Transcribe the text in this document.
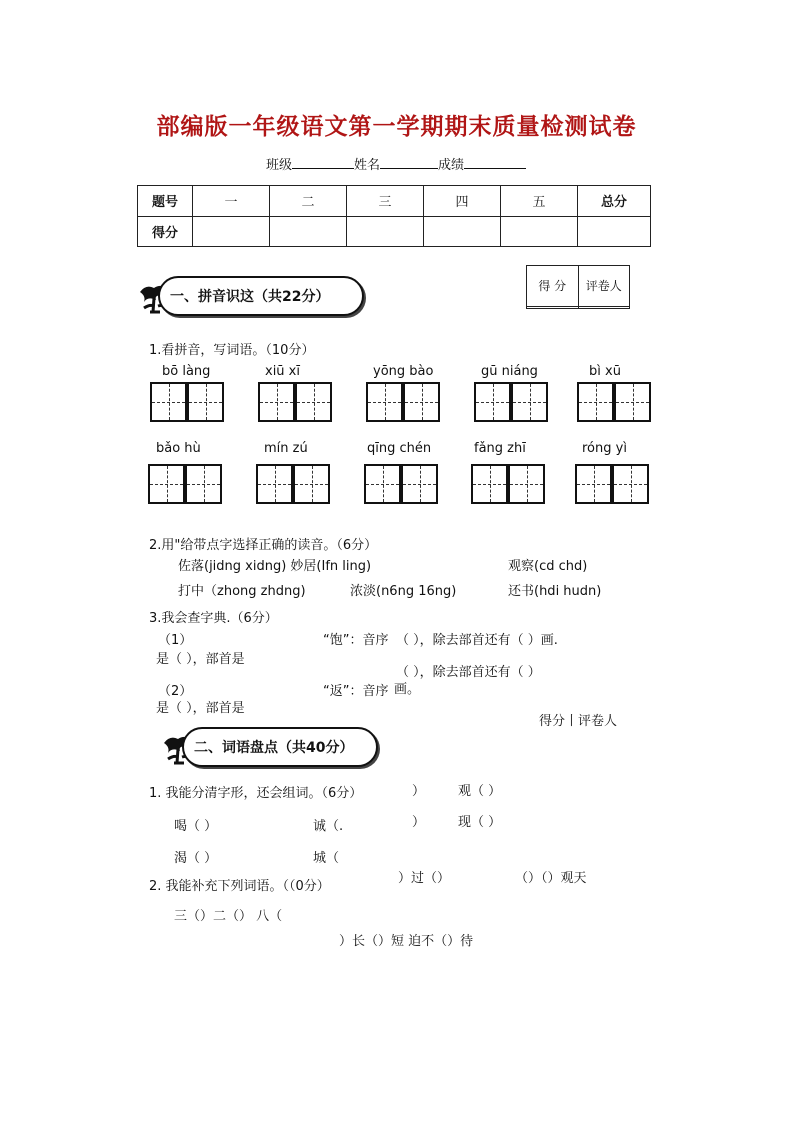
部编版一年级语文第一学期期末质量检测试卷
班级	姓名	成绩
题号	一	二	三	四	五	总分
得分						
得 分	评卷人

一、拼音识这（共22分）
1.看拼音，写词语。（10分）
bō làng	xiū xī	yōng bào	gū niáng	bì xū
bǎo hù	mín zú	qīng chén	fǎng zhī	róng yì
2.用"给带点字选择正确的读音。（6分）
佐落(jidng xidng) 妙居(Ifn ling)	观察(cd chd)
打中（zhong zhdng)	浓淡(n6ng 16ng)	还书(hdi hudn)
3.我会查字典.（6分）
（1）	“饱”：音序 （ ），除去部首还有（ ）画.
是（ ），部首是
（ ），除去部首还有（ ）
（2）	“返”：音序 画。
是（ ），部首是
得分丨评卷人
二、词语盘点（共40分）
1. 我能分清字形，还会组词。（6分）	）	观（ ）
喝（ ）	诚（.	）	现（ ）
渴（ ）	城（
2. 我能补充下列词语。（（0分）
）过（）	（）（）观天
三（）二（） 八（
）长（）短 迫不（）待
